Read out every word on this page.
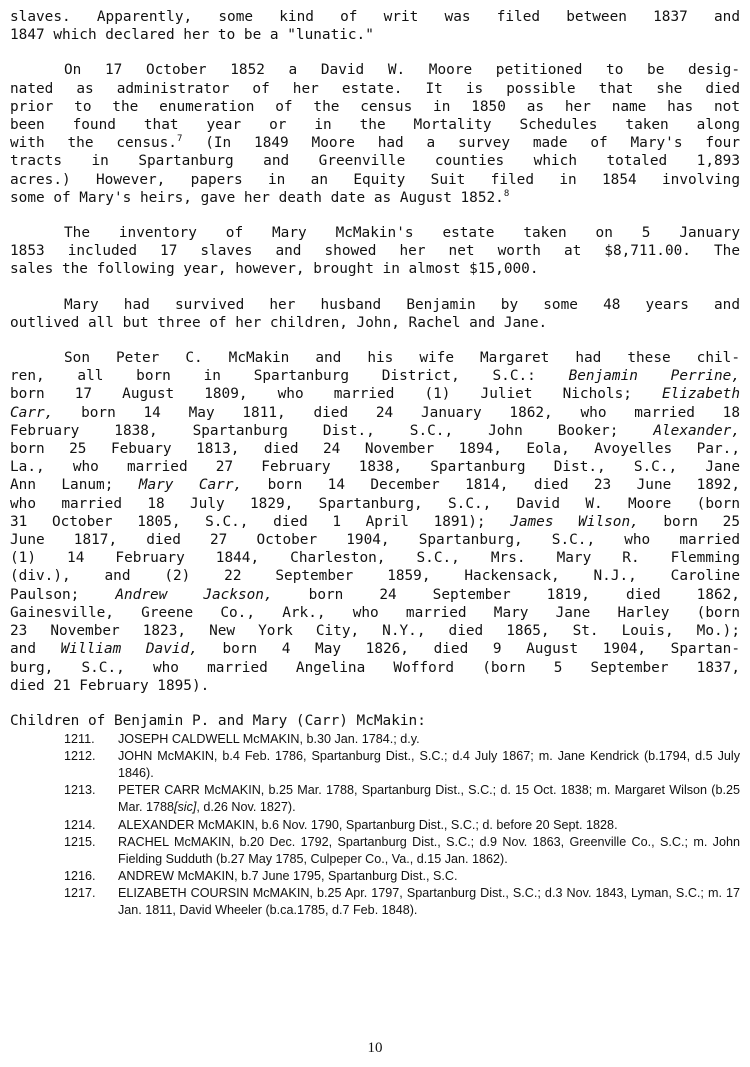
slaves. Apparently, some kind of writ was filed between 1837 and
1847 which declared her to be a "lunatic."
On 17 October 1852 a David W. Moore petitioned to be desig-
nated as administrator of her estate. It is possible that she died
prior to the enumeration of the census in 1850 as her name has not
been found that year or in the Mortality Schedules taken along
with the census.$^7$ (In 1849 Moore had a survey made of Mary's four
tracts in Spartanburg and Greenville counties which totaled 1,893
acres.) However, papers in an Equity Suit filed in 1854 involving
some of Mary's heirs, gave her death date as August 1852.$^8$
The inventory of Mary McMakin's estate taken on 5 January
1853 included 17 slaves and showed her net worth at $8,711.00. The
sales the following year, however, brought in almost $15,000.
Mary had survived her husband Benjamin by some 48 years and
outlived all but three of her children, John, Rachel and Jane.
Son Peter C. McMakin and his wife Margaret had these chil-
ren, all born in Spartanburg District, S.C.: Benjamin Perrine,
born 17 August 1809, who married (1) Juliet Nichols; Elizabeth
Carr, born 14 May 1811, died 24 January 1862, who married 18
February 1838, Spartanburg Dist., S.C., John Booker; Alexander,
born 25 Febuary 1813, died 24 November 1894, Eola, Avoyelles Par.,
La., who married 27 February 1838, Spartanburg Dist., S.C., Jane
Ann Lanum; Mary Carr, born 14 December 1814, died 23 June 1892,
who married 18 July 1829, Spartanburg, S.C., David W. Moore (born
31 October 1805, S.C., died 1 April 1891); James Wilson, born 25
June 1817, died 27 October 1904, Spartanburg, S.C., who married
(1) 14 February 1844, Charleston, S.C., Mrs. Mary R. Flemming
(div.), and (2) 22 September 1859, Hackensack, N.J., Caroline
Paulson;	Andrew Jackson, born 24 September 1819, died 1862,
Gainesville, Greene Co., Ark., who married Mary Jane Harley (born
23 November 1823, New York City, N.Y., died 1865, St. Louis, Mo.);
and William David, born 4 May 1826, died 9 August 1904, Spartan-
burg, S.C., who married Angelina Wofford (born 5 September 1837,
died 21 February 1895).
Children of Benjamin P. and Mary (Carr) McMakin:
1211.	JOSEPH CALDWELL McMAKIN, b.30 Jan. 1784.; d.y.
1212.	JOHN McMAKIN, b.4 Feb. 1786, Spartanburg Dist., S.C.; d.4 July 1867; m. Jane Kendrick (b.1794, d.5 July 1846).
1213.	PETER CARR McMAKIN, b.25 Mar. 1788, Spartanburg Dist., S.C.; d. 15 Oct. 1838; m. Margaret Wilson (b.25 Mar. 1788[sic], d.26 Nov. 1827).
1214.	ALEXANDER McMAKIN, b.6 Nov. 1790, Spartanburg Dist., S.C.; d. before 20 Sept. 1828.
1215.	RACHEL McMAKIN, b.20 Dec. 1792, Spartanburg Dist., S.C.; d.9 Nov. 1863, Greenville Co., S.C.; m. John Fielding Sudduth (b.27 May 1785, Culpeper Co., Va., d.15 Jan. 1862).
1216.	ANDREW McMAKIN, b.7 June 1795, Spartanburg Dist., S.C.
1217.	ELIZABETH COURSIN McMAKIN, b.25 Apr. 1797, Spartanburg Dist., S.C.; d.3 Nov. 1843, Lyman, S.C.; m. 17 Jan. 1811, David Wheeler (b.ca.1785, d.7 Feb. 1848).
10
